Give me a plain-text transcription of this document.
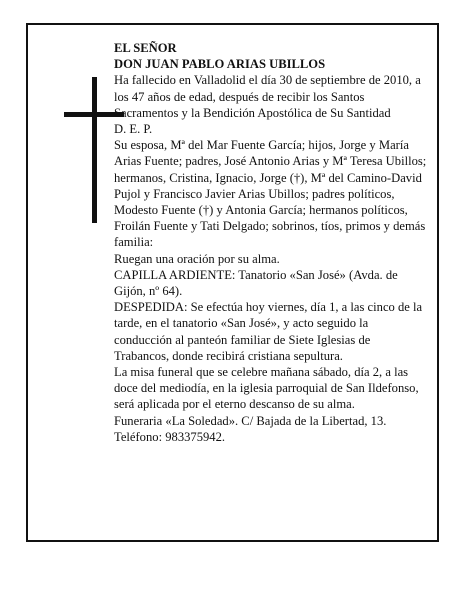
EL SEÑOR

DON JUAN PABLO ARIAS UBILLOS

Ha fallecido en Valladolid el día 30 de septiembre de 2010, a los 47 años de edad, después de recibir los Santos Sacramentos y la Bendición Apostólica de Su Santidad

D. E. P.

Su esposa, Mª del Mar Fuente García; hijos, Jorge y María Arias Fuente; padres, José Antonio Arias y Mª Teresa Ubillos; hermanos, Cristina, Ignacio, Jorge (†), Mª del Camino-David Pujol y Francisco Javier Arias Ubillos; padres políticos, Modesto Fuente (†) y Antonia García; hermanos políticos, Froilán Fuente y Tati Delgado; sobrinos, tíos, primos y demás familia:

Ruegan una oración por su alma.

CAPILLA ARDIENTE: Tanatorio «San José» (Avda. de Gijón, nº 64).

DESPEDIDA: Se efectúa hoy viernes, día 1, a las cinco de la tarde, en el tanatorio «San José», y acto seguido la conducción al panteón familiar de Siete Iglesias de Trabancos, donde recibirá cristiana sepultura.

La misa funeral que se celebre mañana sábado, día 2, a las doce del mediodía, en la iglesia parroquial de San Ildefonso, será aplicada por el eterno descanso de su alma.

Funeraria «La Soledad». C/ Bajada de la Libertad, 13. Teléfono: 983375942.
